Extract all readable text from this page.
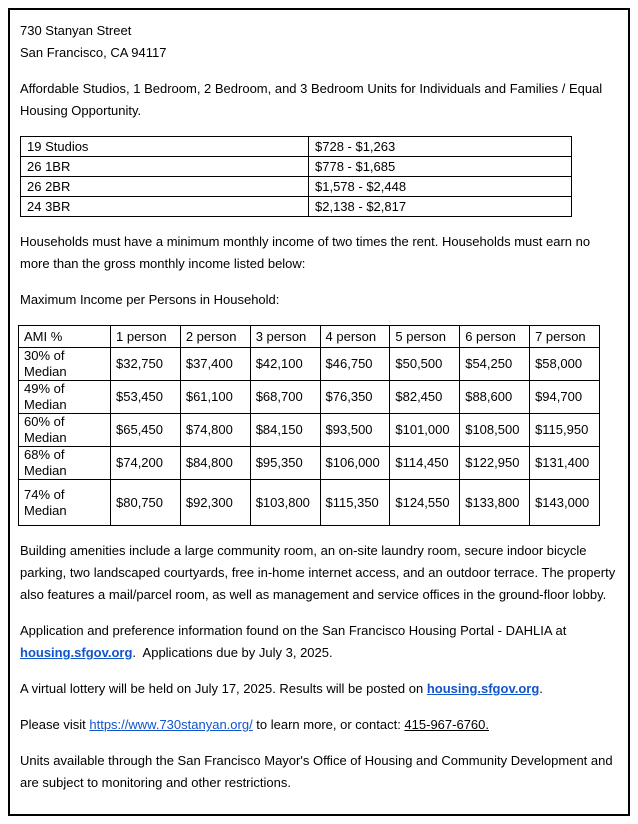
730 Stanyan Street
San Francisco, CA 94117

Affordable Studios, 1 Bedroom, 2 Bedroom, and 3 Bedroom Units for Individuals and Families / Equal Housing Opportunity.

19 Studios	$728 - $1,263
26 1BR	$778 - $1,685
26 2BR	$1,578 - $2,448
24 3BR	$2,138 - $2,817

Households must have a minimum monthly income of two times the rent. Households must earn no more than the gross monthly income listed below:

Maximum Income per Persons in Household:

AMI %	1 person	2 person	3 person	4 person	5 person	6 person	7 person
30% of Median	$32,750	$37,400	$42,100	$46,750	$50,500	$54,250	$58,000
49% of Median	$53,450	$61,100	$68,700	$76,350	$82,450	$88,600	$94,700
60% of Median	$65,450	$74,800	$84,150	$93,500	$101,000	$108,500	$115,950
68% of Median	$74,200	$84,800	$95,350	$106,000	$114,450	$122,950	$131,400
74% of Median	$80,750	$92,300	$103,800	$115,350	$124,550	$133,800	$143,000

Building amenities include a large community room, an on-site laundry room, secure indoor bicycle parking, two landscaped courtyards, free in-home internet access, and an outdoor terrace. The property also features a mail/parcel room, as well as management and service offices in the ground-floor lobby.

Application and preference information found on the San Francisco Housing Portal - DAHLIA at housing.sfgov.org.  Applications due by July 3, 2025.

A virtual lottery will be held on July 17, 2025. Results will be posted on housing.sfgov.org.

Please visit https://www.730stanyan.org/ to learn more, or contact: 415-967-6760.

Units available through the San Francisco Mayor's Office of Housing and Community Development and are subject to monitoring and other restrictions.
